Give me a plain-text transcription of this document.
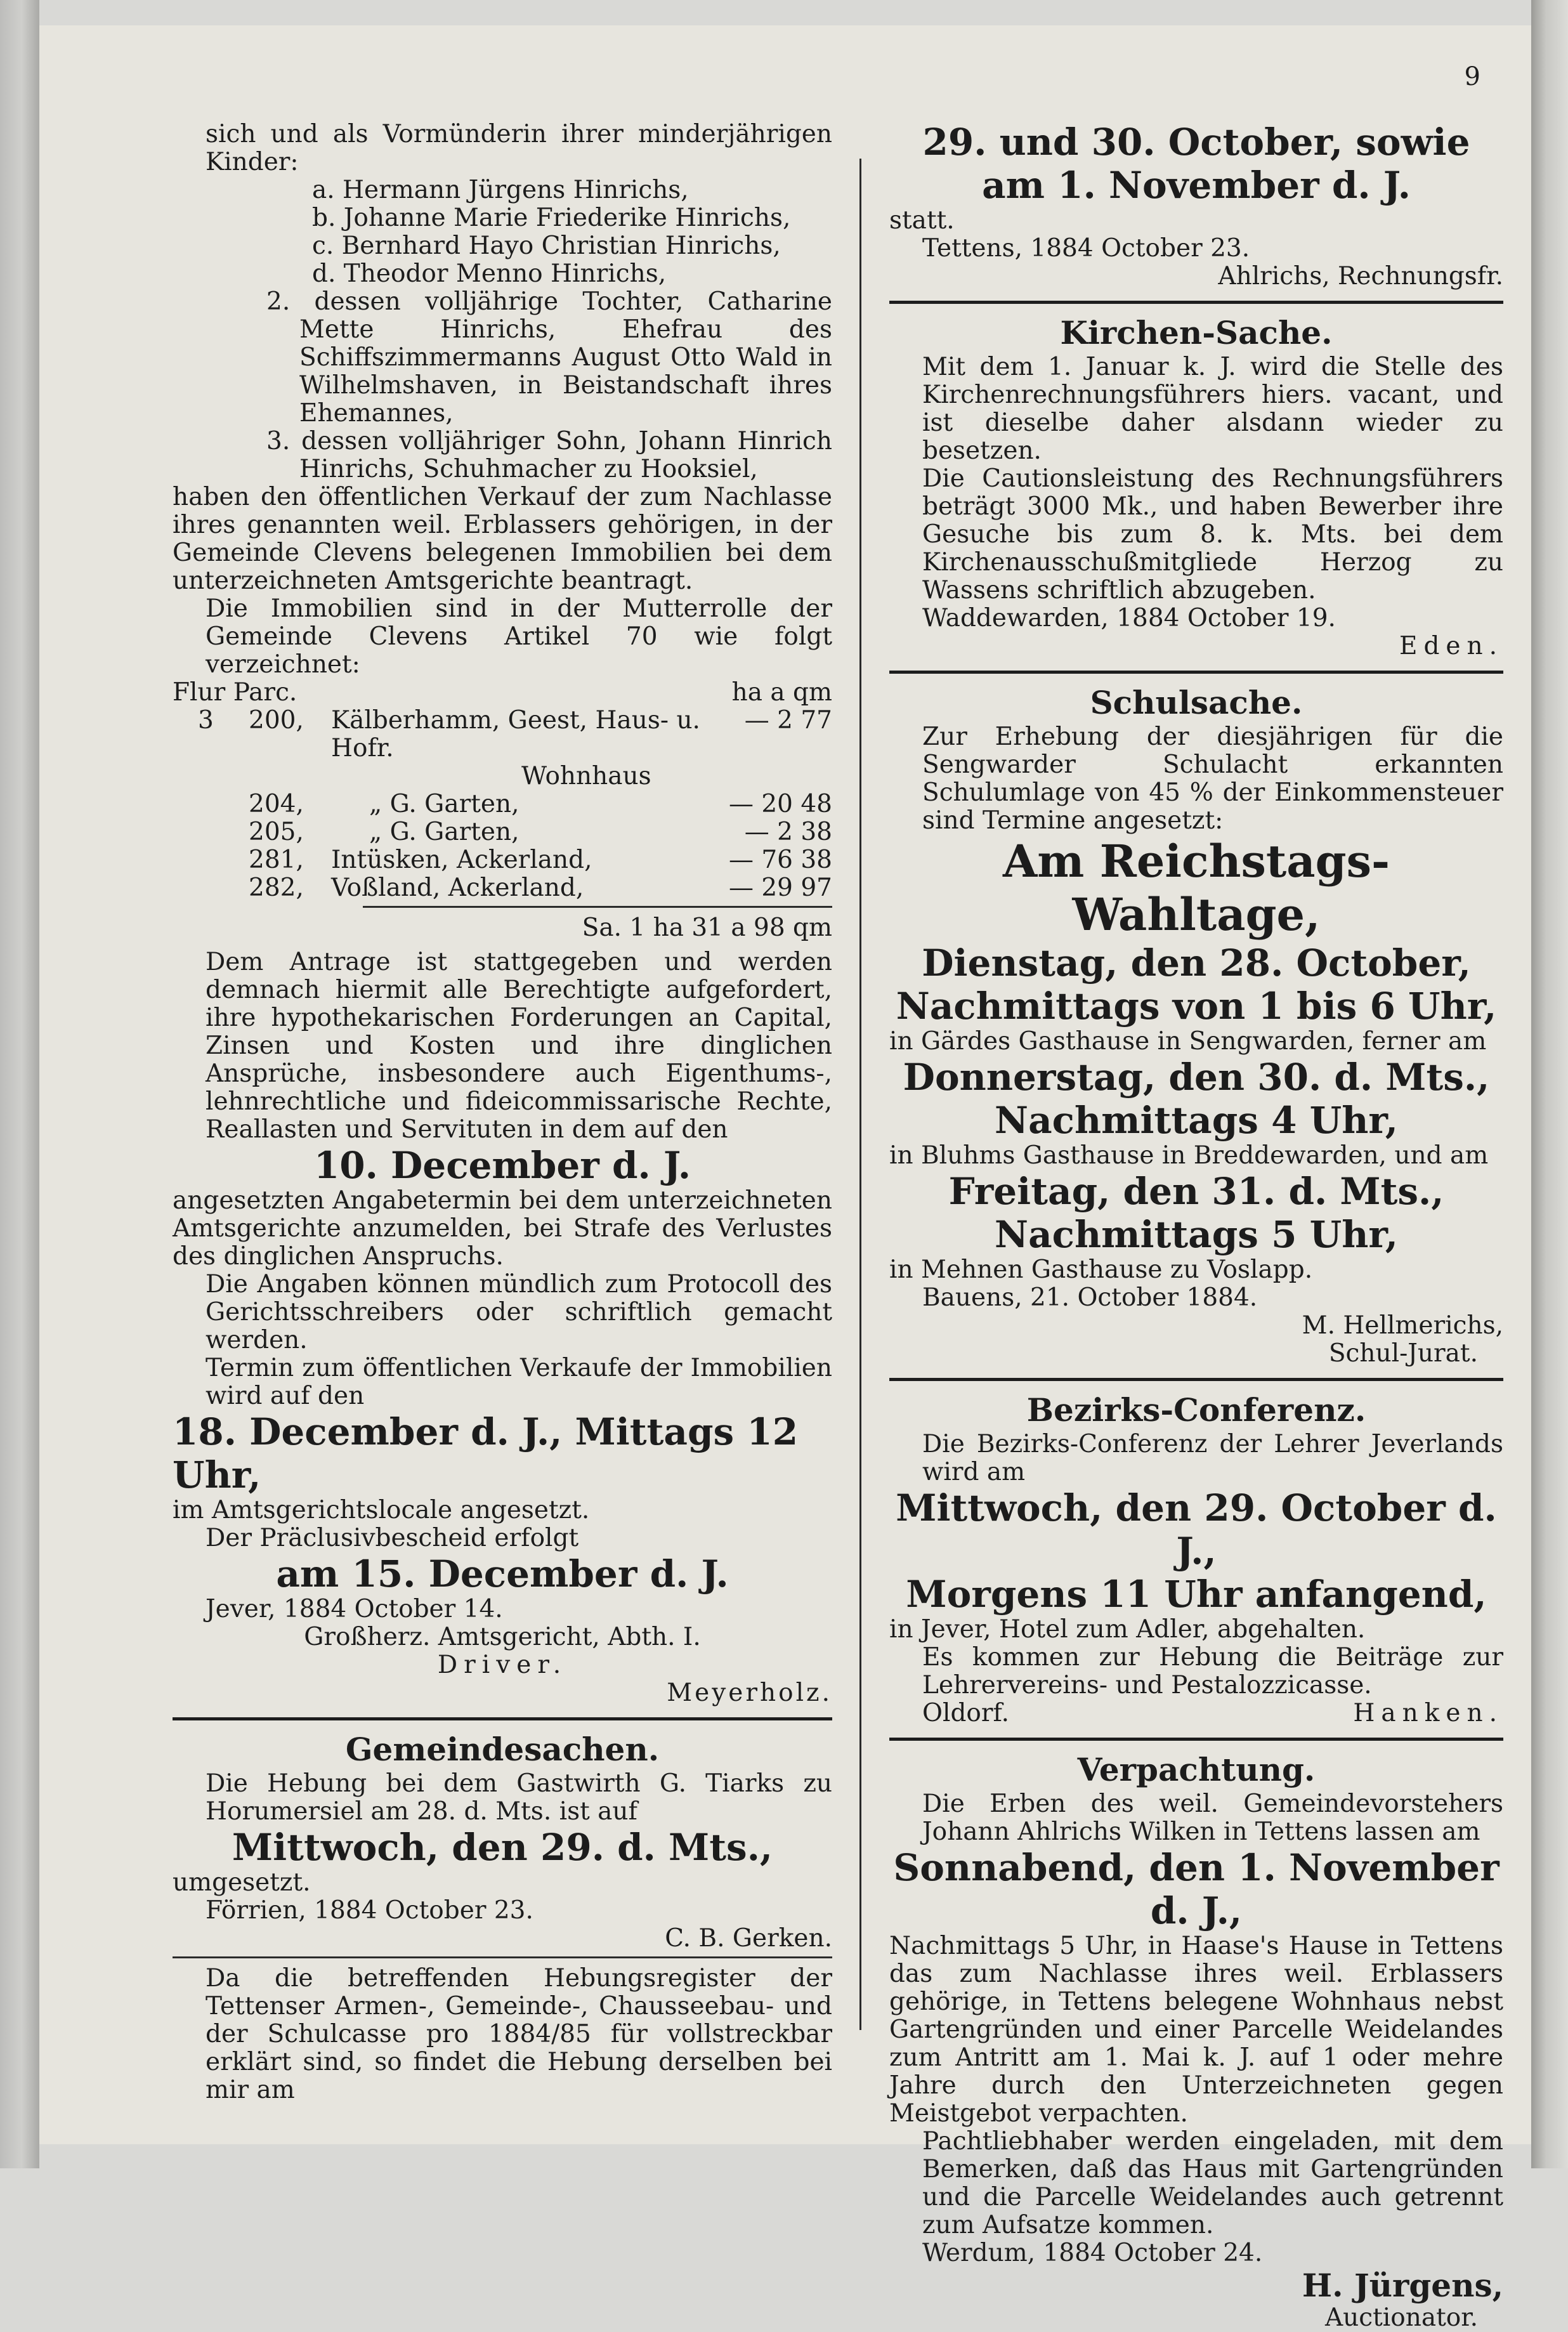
9

sich und als Vormünderin ihrer minderjährigen Kinder:

a. Hermann Jürgens Hinrichs,

b. Johanne Marie Friederike Hinrichs,

c. Bernhard Hayo Christian Hinrichs,

d. Theodor Menno Hinrichs,

2. dessen volljährige Tochter, Catharine Mette Hinrichs, Ehefrau des Schiffszimmermanns August Otto Wald in Wilhelmshaven, in Beistandschaft ihres Ehemannes,

3. dessen volljähriger Sohn, Johann Hinrich Hinrichs, Schuhmacher zu Hooksiel,

haben den öffentlichen Verkauf der zum Nachlasse ihres genannten weil. Erblassers gehörigen, in der Gemeinde Clevens belegenen Immobilien bei dem unterzeichneten Amtsgerichte beantragt.

Die Immobilien sind in der Mutterrolle der Gemeinde Clevens Artikel 70 wie folgt verzeichnet:

Flur Parc.			ha a qm
3	200,	Kälberhamm, Geest, Haus- u. Hofr.	— 2 77
		Wohnhaus	
	204,	„ G. Garten,	— 20 48
	205,	„ G. Garten,	— 2 38
	281,	Intüsken, Ackerland,	— 76 38
	282,	Voßland, Ackerland,	— 29 97

Sa. 1 ha 31 a 98 qm

Dem Antrage ist stattgegeben und werden demnach hiermit alle Berechtigte aufgefordert, ihre hypothekarischen Forderungen an Capital, Zinsen und Kosten und ihre dinglichen Ansprüche, insbesondere auch Eigenthums-, lehnrechtliche und fideicommissarische Rechte, Reallasten und Servituten in dem auf den

10. December d. J.

angesetzten Angabetermin bei dem unterzeichneten Amtsgerichte anzumelden, bei Strafe des Verlustes des dinglichen Anspruchs.

Die Angaben können mündlich zum Protocoll des Gerichtsschreibers oder schriftlich gemacht werden.

Termin zum öffentlichen Verkaufe der Immobilien wird auf den

18. December d. J., Mittags 12 Uhr,

im Amtsgerichtslocale angesetzt.

Der Präclusivbescheid erfolgt

am 15. December d. J.

Jever, 1884 October 14.

Großherz. Amtsgericht, Abth. I.

Driver.

Meyerholz.

Gemeindesachen.

Die Hebung bei dem Gastwirth G. Tiarks zu Horumersiel am 28. d. Mts. ist auf

Mittwoch, den 29. d. Mts.,

umgesetzt.

Förrien, 1884 October 23.

C. B. Gerken.

Da die betreffenden Hebungsregister der Tettenser Armen-, Gemeinde-, Chausseebau- und der Schulcasse pro 1884/85 für vollstreckbar erklärt sind, so findet die Hebung derselben bei mir am

29. und 30. October, sowie am 1. November d. J.

statt.

Tettens, 1884 October 23.

Ahlrichs, Rechnungsfr.

Kirchen-Sache.

Mit dem 1. Januar k. J. wird die Stelle des Kirchenrechnungsführers hiers. vacant, und ist dieselbe daher alsdann wieder zu besetzen.

Die Cautionsleistung des Rechnungsführers beträgt 3000 Mk., und haben Bewerber ihre Gesuche bis zum 8. k. Mts. bei dem Kirchenausschußmitgliede Herzog zu Wassens schriftlich abzugeben.

Waddewarden, 1884 October 19.

Eden.

Schulsache.

Zur Erhebung der diesjährigen für die Sengwarder Schulacht erkannten Schulumlage von 45 % der Einkommensteuer sind Termine angesetzt:

Am Reichstags-Wahltage,

Dienstag, den 28. October,

Nachmittags von 1 bis 6 Uhr,

in Gärdes Gasthause in Sengwarden, ferner am

Donnerstag, den 30. d. Mts.,

Nachmittags 4 Uhr,

in Bluhms Gasthause in Breddewarden, und am

Freitag, den 31. d. Mts.,

Nachmittags 5 Uhr,

in Mehnen Gasthause zu Voslapp.

Bauens, 21. October 1884.

M. Hellmerichs,

Schul-Jurat.

Bezirks-Conferenz.

Die Bezirks-Conferenz der Lehrer Jeverlands wird am

Mittwoch, den 29. October d. J.,

Morgens 11 Uhr anfangend,

in Jever, Hotel zum Adler, abgehalten.

Es kommen zur Hebung die Beiträge zur Lehrervereins- und Pestalozzicasse.

Oldorf.	Hanken.

Verpachtung.

Die Erben des weil. Gemeindevorstehers Johann Ahlrichs Wilken in Tettens lassen am

Sonnabend, den 1. November d. J.,

Nachmittags 5 Uhr, in Haase's Hause in Tettens das zum Nachlasse ihres weil. Erblassers gehörige, in Tettens belegene Wohnhaus nebst Gartengründen und einer Parcelle Weidelandes zum Antritt am 1. Mai k. J. auf 1 oder mehre Jahre durch den Unterzeichneten gegen Meistgebot verpachten.

Pachtliebhaber werden eingeladen, mit dem Bemerken, daß das Haus mit Gartengründen und die Parcelle Weidelandes auch getrennt zum Aufsatze kommen.

Werdum, 1884 October 24.

H. Jürgens,

Auctionator.
